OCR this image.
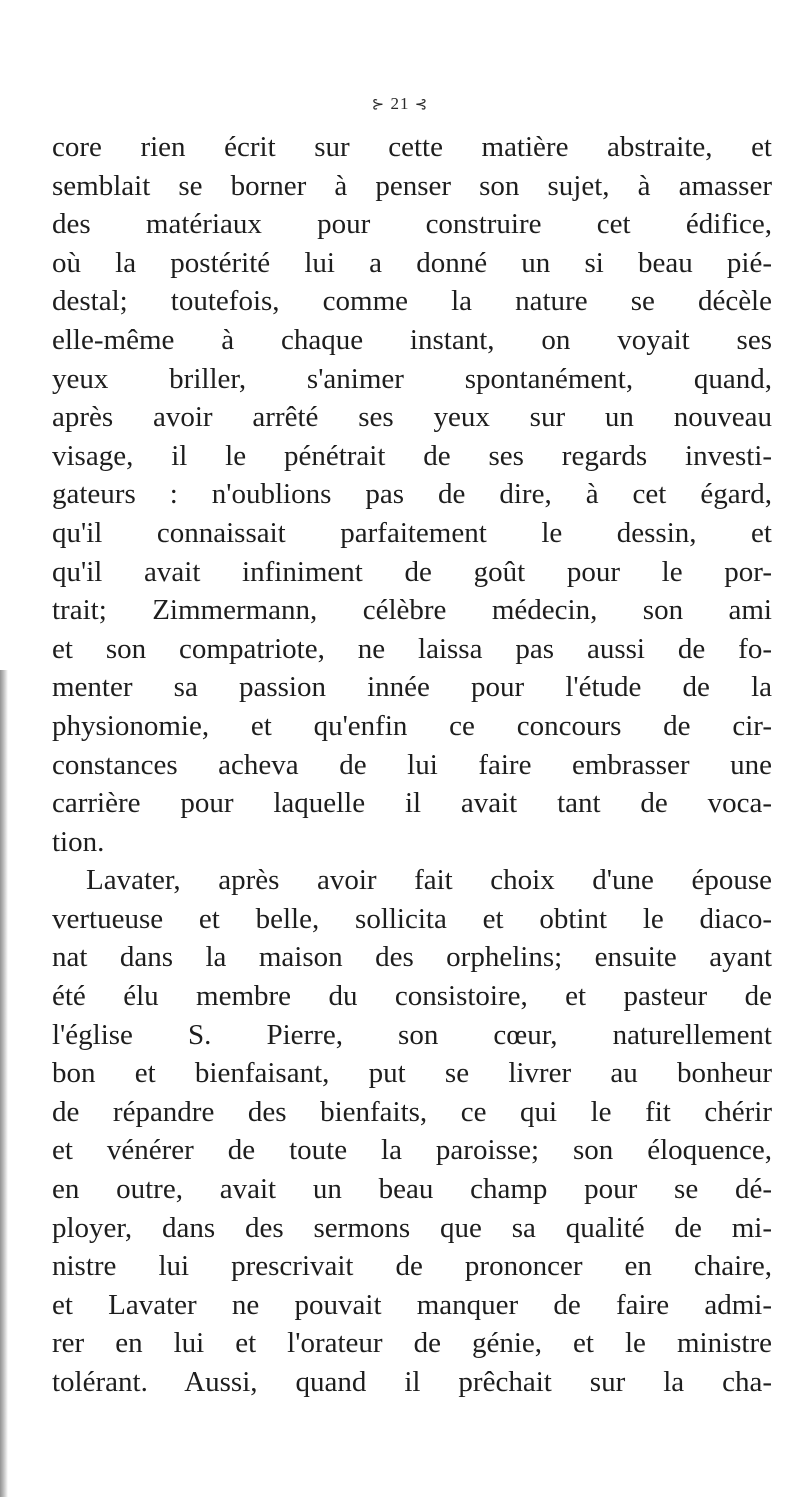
⊱ 21 ⊰
core rien écrit sur cette matière abstraite, et
semblait se borner à penser son sujet, à amasser
des matériaux pour construire cet édifice,
où la postérité lui a donné un si beau pié-
destal; toutefois, comme la nature se décèle
elle-même à chaque instant, on voyait ses
yeux briller, s'animer spontanément, quand,
après avoir arrêté ses yeux sur un nouveau
visage, il le pénétrait de ses regards investi-
gateurs : n'oublions pas de dire, à cet égard,
qu'il connaissait parfaitement le dessin, et
qu'il avait infiniment de goût pour le por-
trait; Zimmermann, célèbre médecin, son ami
et son compatriote, ne laissa pas aussi de fo-
menter sa passion innée pour l'étude de la
physionomie, et qu'enfin ce concours de cir-
constances acheva de lui faire embrasser une
carrière pour laquelle il avait tant de voca-
tion.
Lavater, après avoir fait choix d'une épouse
vertueuse et belle, sollicita et obtint le diaco-
nat dans la maison des orphelins; ensuite ayant
été élu membre du consistoire, et pasteur de
l'église S. Pierre, son cœur, naturellement
bon et bienfaisant, put se livrer au bonheur
de répandre des bienfaits, ce qui le fit chérir
et vénérer de toute la paroisse; son éloquence,
en outre, avait un beau champ pour se dé-
ployer, dans des sermons que sa qualité de mi-
nistre lui prescrivait de prononcer en chaire,
et Lavater ne pouvait manquer de faire admi-
rer en lui et l'orateur de génie, et le ministre
tolérant. Aussi, quand il prêchait sur la cha-
